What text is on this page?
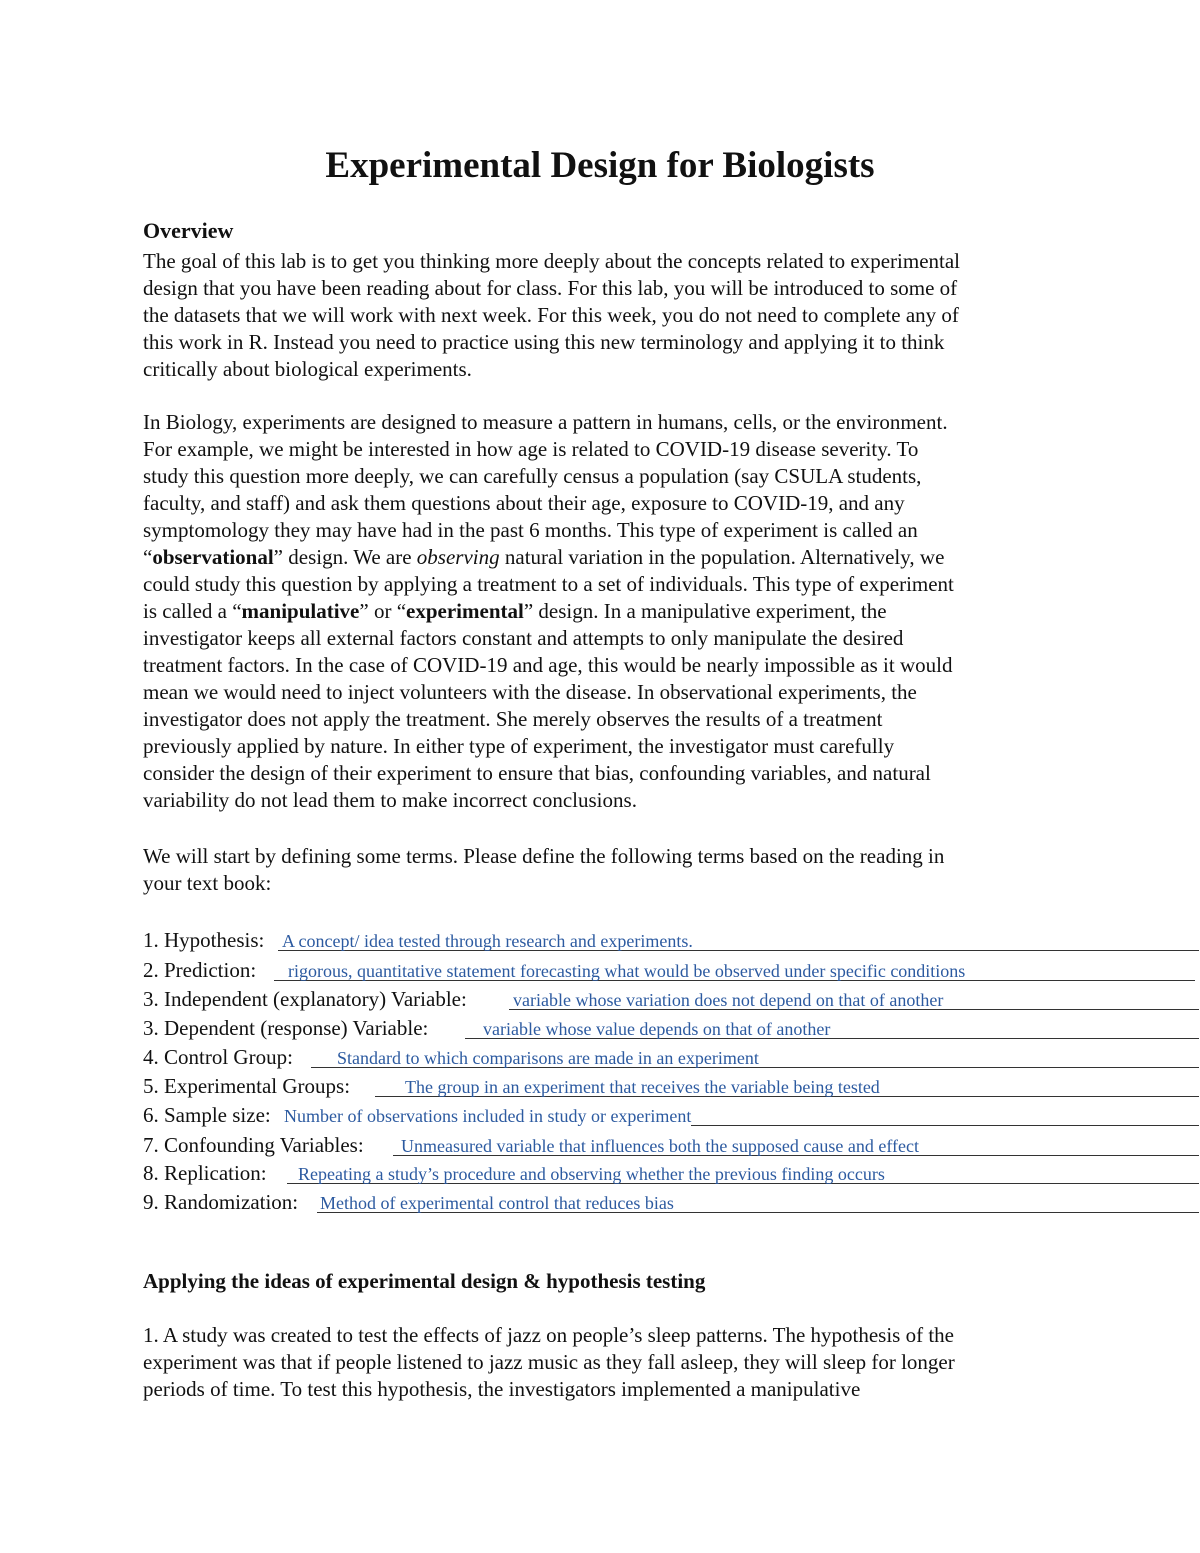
Experimental Design for Biologists
Overview

The goal of this lab is to get you thinking more deeply about the concepts related to experimental

design that you have been reading about for class. For this lab, you will be introduced to some of

the datasets that we will work with next week. For this week, you do not need to complete any of

this work in R. Instead you need to practice using this new terminology and applying it to think

critically about biological experiments.

In Biology, experiments are designed to measure a pattern in humans, cells, or the environment.

For example, we might be interested in how age is related to COVID-19 disease severity. To

study this question more deeply, we can carefully census a population (say CSULA students,

faculty, and staff) and ask them questions about their age, exposure to COVID-19, and any

symptomology they may have had in the past 6 months. This type of experiment is called an

“observational” design. We are observing natural variation in the population. Alternatively, we

could study this question by applying a treatment to a set of individuals. This type of experiment

is called a “manipulative” or “experimental” design. In a manipulative experiment, the

investigator keeps all external factors constant and attempts to only manipulate the desired

treatment factors. In the case of COVID-19 and age, this would be nearly impossible as it would

mean we would need to inject volunteers with the disease. In observational experiments, the

investigator does not apply the treatment. She merely observes the results of a treatment

previously applied by nature. In either type of experiment, the investigator must carefully

consider the design of their experiment to ensure that bias, confounding variables, and natural

variability do not lead them to make incorrect conclusions.

We will start by defining some terms. Please define the following terms based on the reading in

your text book:

1. Hypothesis: A concept/ idea tested through research and experiments.
2. Prediction: rigorous, quantitative statement forecasting what would be observed under specific conditions
3. Independent (explanatory) Variable:	variable whose variation does not depend on that of another
3. Dependent (response) Variable:	variable whose value depends on that of another
4. Control Group: Standard to which comparisons are made in an experiment
5. Experimental Groups:	The group in an experiment that receives the variable being tested
6. Sample size: Number of observations included in study or experiment
7. Confounding Variables: Unmeasured variable that influences both the supposed cause and effect
8. Replication: Repeating a study’s procedure and observing whether the previous finding occurs
9. Randomization: Method of experimental control that reduces bias
Applying the ideas of experimental design & hypothesis testing

1. A study was created to test the effects of jazz on people’s sleep patterns. The hypothesis of the

experiment was that if people listened to jazz music as they fall asleep, they will sleep for longer

periods of time. To test this hypothesis, the investigators implemented a manipulative
